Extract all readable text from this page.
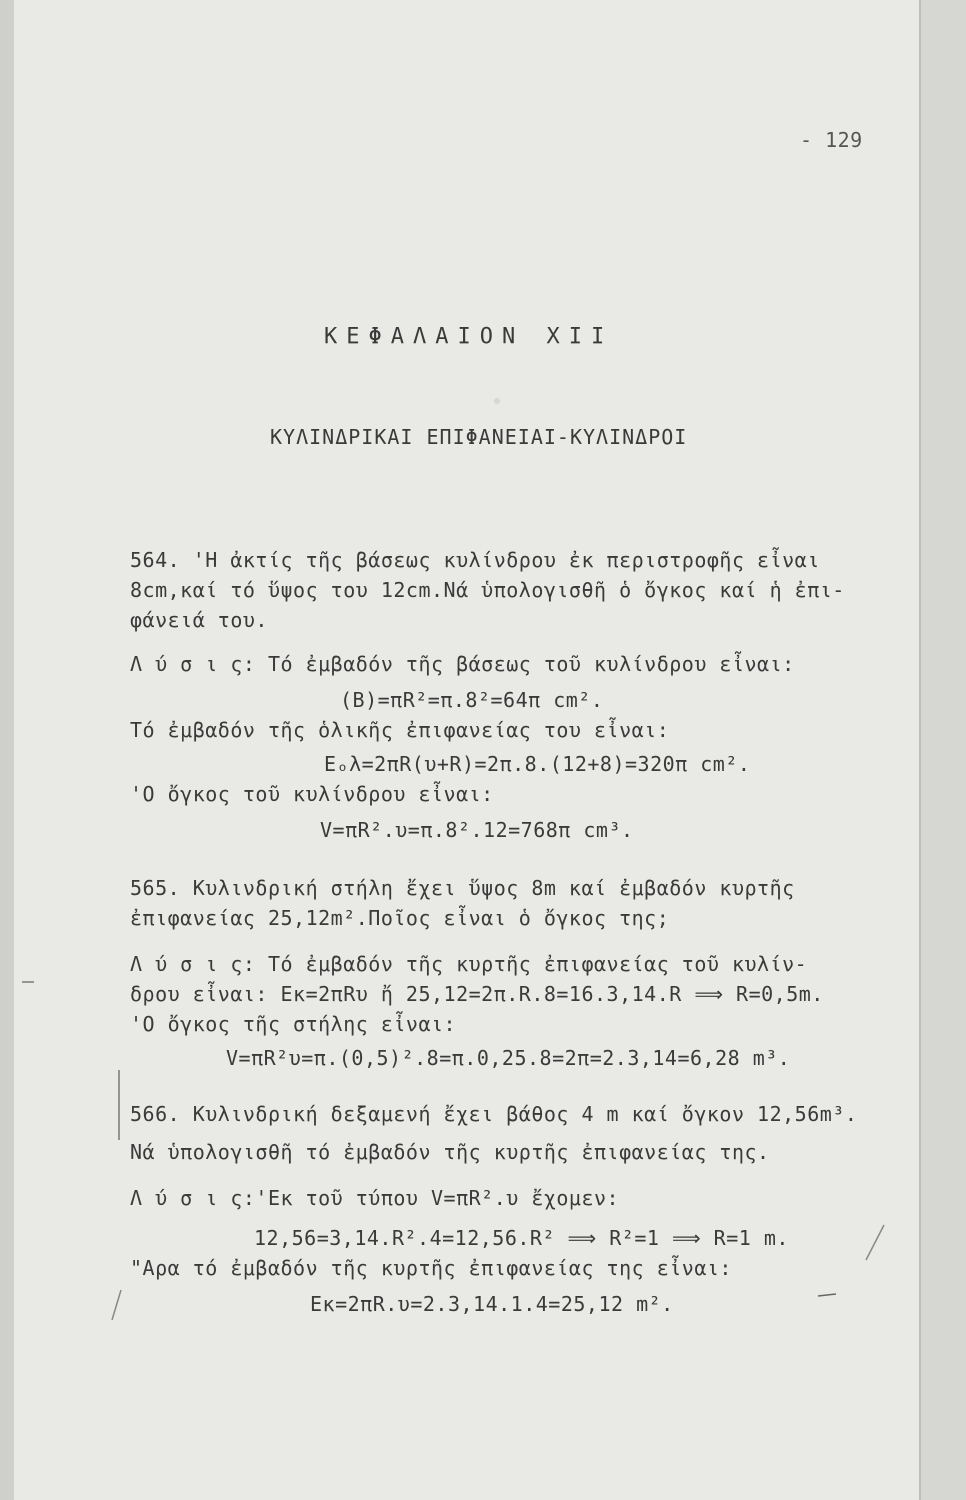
- 129
ΚΕΦΑΛΑΙΟΝ ΧΙΙ
ΚΥΛΙΝΔΡΙΚΑΙ ΕΠΙΦΑΝΕΙΑΙ-ΚΥΛΙΝΔΡΟΙ
564. 'Η ἀκτίς τῆς βάσεως κυλίνδρου ἐκ περιστροφῆς εἶναι
8cm,καί τό ὕψος του 12cm.Νά ὑπολογισθῆ ὁ ὄγκος καί ἡ ἐπι-
φάνειά του.
Λ ύ σ ι ς: Τό ἐμβαδόν τῆς βάσεως τοῦ κυλίνδρου εἶναι:
(Β)=πR²=π.8²=64π cm².
Τό ἐμβαδόν τῆς ὁλικῆς ἐπιφανείας του εἶναι:
Eₒλ=2πR(υ+R)=2π.8.(12+8)=320π cm².
'Ο ὄγκος τοῦ κυλίνδρου εἶναι:
V=πR².υ=π.8².12=768π cm³.
565. Κυλινδρική στήλη ἔχει ὕψος 8m καί ἐμβαδόν κυρτῆς
ἐπιφανείας 25,12m².Ποῖος εἶναι ὁ ὄγκος της;
Λ ύ σ ι ς: Τό ἐμβαδόν τῆς κυρτῆς ἐπιφανείας τοῦ κυλίν-
δρου εἶναι: Eκ=2πRυ ἤ 25,12=2π.R.8=16.3,14.R ⟹ R=0,5m.
'Ο ὄγκος τῆς στήλης εἶναι:
V=πR²υ=π.(0,5)².8=π.0,25.8=2π=2.3,14=6,28 m³.
566. Κυλινδρική δεξαμενή ἔχει βάθος 4 m καί ὄγκον 12,56m³.
Νά ὑπολογισθῆ τό ἐμβαδόν τῆς κυρτῆς ἐπιφανείας της.
Λ ύ σ ι ς:'Εκ τοῦ τύπου V=πR².υ ἔχομεν:
12,56=3,14.R².4=12,56.R² ⟹ R²=1 ⟹ R=1 m.
"Αρα τό ἐμβαδόν τῆς κυρτῆς ἐπιφανείας της εἶναι:
Eκ=2πR.υ=2.3,14.1.4=25,12 m².
